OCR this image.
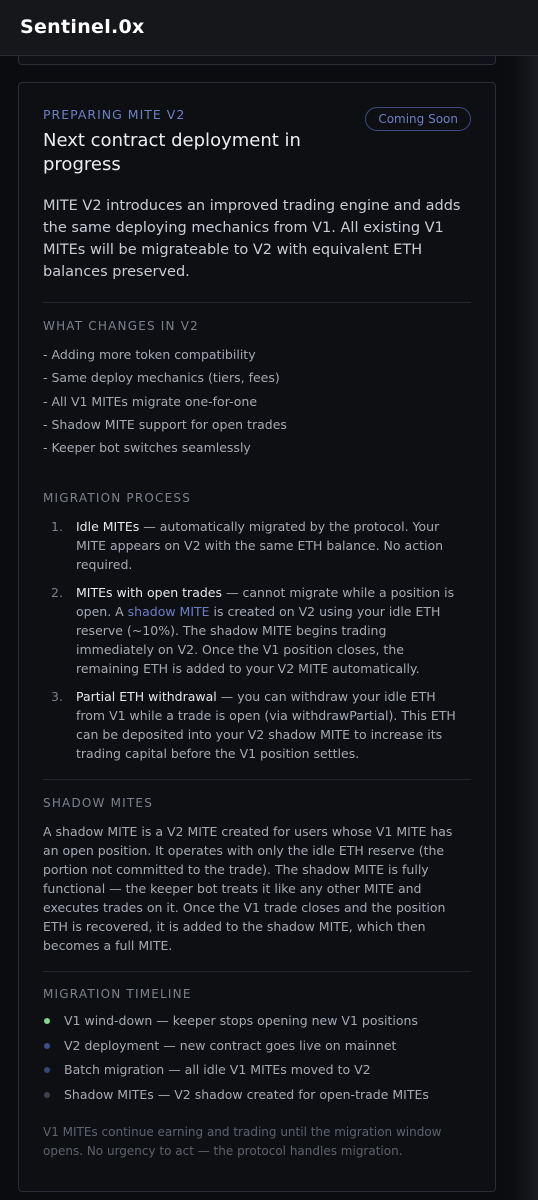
Sentinel.0x
PREPARING MITE V2	Coming Soon
Next contract deployment in progress
MITE V2 introduces an improved trading engine and adds the same deploying mechanics from V1. All existing V1 MITEs will be migrateable to V2 with equivalent ETH balances preserved.
WHAT CHANGES IN V2
- Adding more token compatibility
- Same deploy mechanics (tiers, fees)
- All V1 MITEs migrate one-for-one
- Shadow MITE support for open trades
- Keeper bot switches seamlessly
MIGRATION PROCESS
1. Idle MITEs — automatically migrated by the protocol. Your MITE appears on V2 with the same ETH balance. No action required.
2. MITEs with open trades — cannot migrate while a position is open. A shadow MITE is created on V2 using your idle ETH reserve (~10%). The shadow MITE begins trading immediately on V2. Once the V1 position closes, the remaining ETH is added to your V2 MITE automatically.
3. Partial ETH withdrawal — you can withdraw your idle ETH from V1 while a trade is open (via withdrawPartial). This ETH can be deposited into your V2 shadow MITE to increase its trading capital before the V1 position settles.
SHADOW MITES
A shadow MITE is a V2 MITE created for users whose V1 MITE has an open position. It operates with only the idle ETH reserve (the portion not committed to the trade). The shadow MITE is fully functional — the keeper bot treats it like any other MITE and executes trades on it. Once the V1 trade closes and the position ETH is recovered, it is added to the shadow MITE, which then becomes a full MITE.
MIGRATION TIMELINE
V1 wind-down — keeper stops opening new V1 positions
V2 deployment — new contract goes live on mainnet
Batch migration — all idle V1 MITEs moved to V2
Shadow MITEs — V2 shadow created for open-trade MITEs
V1 MITEs continue earning and trading until the migration window opens. No urgency to act — the protocol handles migration.
